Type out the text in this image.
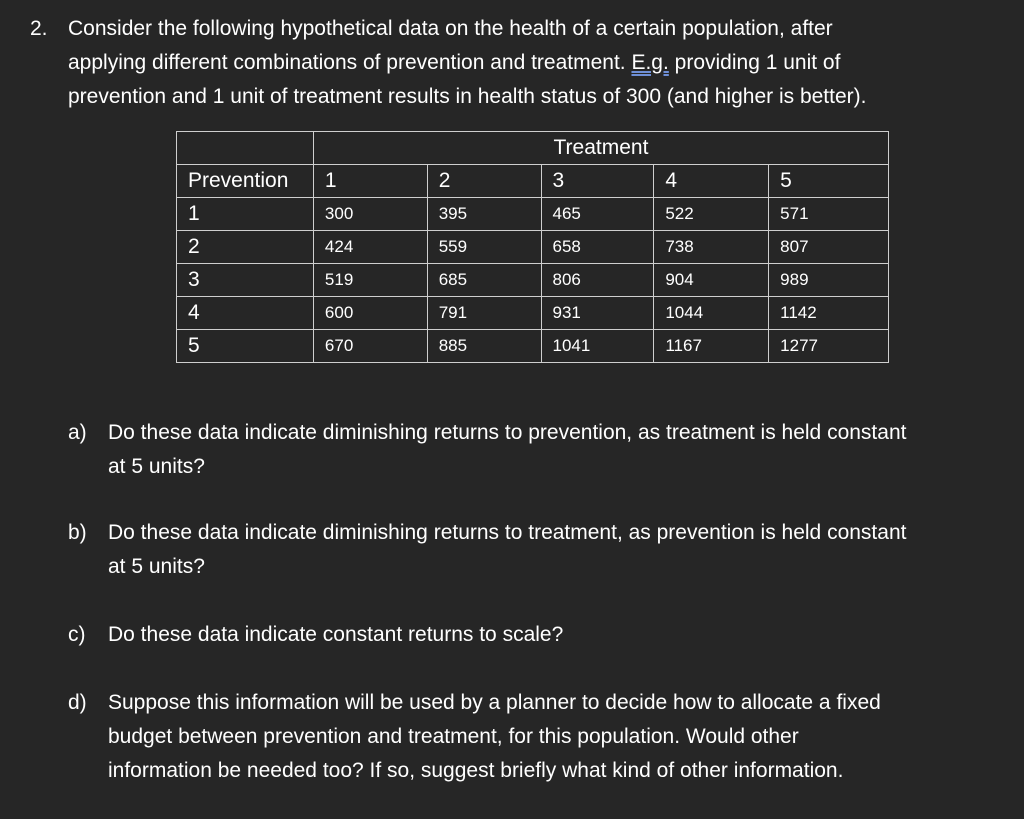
2. Consider the following hypothetical data on the health of a certain population, after
applying different combinations of prevention and treatment. E.g. providing 1 unit of
prevention and 1 unit of treatment results in health status of 300 (and higher is better).
	Treatment				
Prevention	1	2	3	4	5
1	300	395	465	522	571
2	424	559	658	738	807
3	519	685	806	904	989
4	600	791	931	1044	1142
5	670	885	1041	1167	1277
a) Do these data indicate diminishing returns to prevention, as treatment is held constant
at 5 units?
b) Do these data indicate diminishing returns to treatment, as prevention is held constant
at 5 units?
c) Do these data indicate constant returns to scale?
d) Suppose this information will be used by a planner to decide how to allocate a fixed
budget between prevention and treatment, for this population. Would other
information be needed too? If so, suggest briefly what kind of other information.
